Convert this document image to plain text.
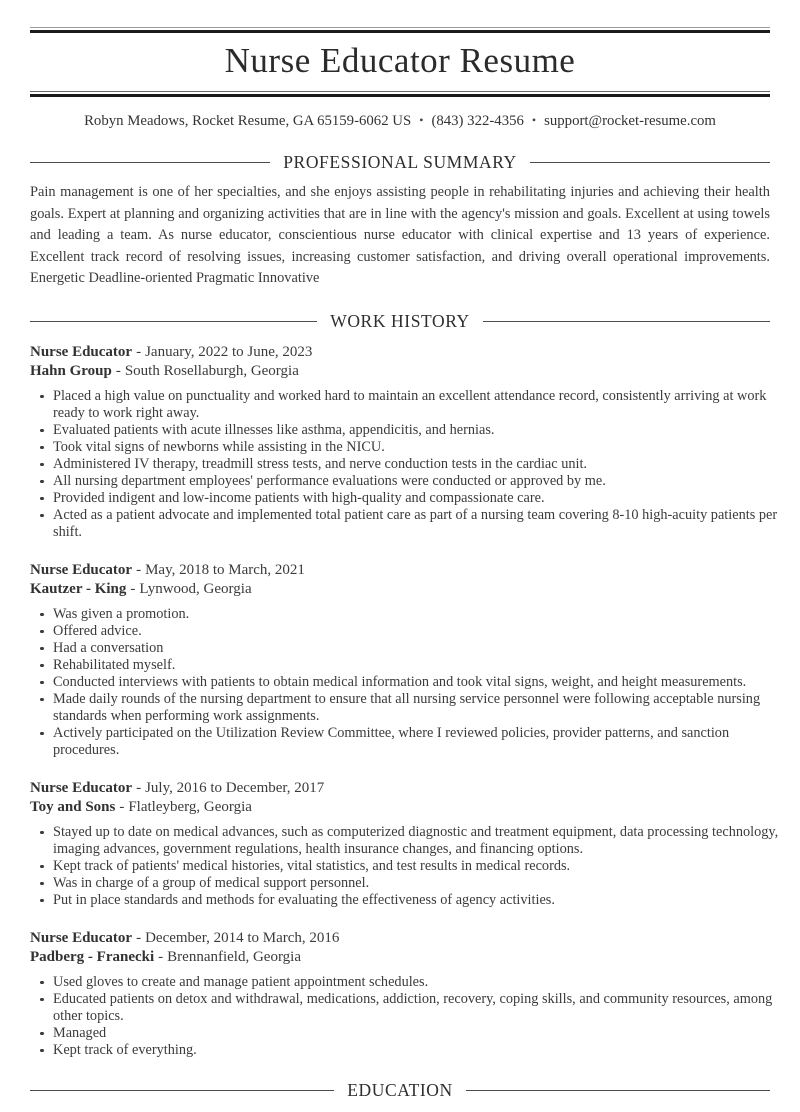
Nurse Educator Resume
Robyn Meadows, Rocket Resume, GA 65159-6062 US • (843) 322-4356 • support@rocket-resume.com
PROFESSIONAL SUMMARY

Pain management is one of her specialties, and she enjoys assisting people in rehabilitating injuries and achieving their health goals. Expert at planning and organizing activities that are in line with the agency's mission and goals. Excellent at using towels and leading a team. As nurse educator, conscientious nurse educator with clinical expertise and 13 years of experience. Excellent track record of resolving issues, increasing customer satisfaction, and driving overall operational improvements. Energetic Deadline-oriented Pragmatic Innovative

WORK HISTORY

Nurse Educator - January, 2022 to June, 2023

Hahn Group - South Rosellaburgh, Georgia

Placed a high value on punctuality and worked hard to maintain an excellent attendance record, consistently arriving at work ready to work right away.
Evaluated patients with acute illnesses like asthma, appendicitis, and hernias.
Took vital signs of newborns while assisting in the NICU.
Administered IV therapy, treadmill stress tests, and nerve conduction tests in the cardiac unit.
All nursing department employees' performance evaluations were conducted or approved by me.
Provided indigent and low-income patients with high-quality and compassionate care.
Acted as a patient advocate and implemented total patient care as part of a nursing team covering 8-10 high-acuity patients per shift.

Nurse Educator - May, 2018 to March, 2021

Kautzer - King - Lynwood, Georgia

Was given a promotion.
Offered advice.
Had a conversation
Rehabilitated myself.
Conducted interviews with patients to obtain medical information and took vital signs, weight, and height measurements.
Made daily rounds of the nursing department to ensure that all nursing service personnel were following acceptable nursing standards when performing work assignments.
Actively participated on the Utilization Review Committee, where I reviewed policies, provider patterns, and sanction procedures.

Nurse Educator - July, 2016 to December, 2017

Toy and Sons - Flatleyberg, Georgia

Stayed up to date on medical advances, such as computerized diagnostic and treatment equipment, data processing technology, imaging advances, government regulations, health insurance changes, and financing options.
Kept track of patients' medical histories, vital statistics, and test results in medical records.
Was in charge of a group of medical support personnel.
Put in place standards and methods for evaluating the effectiveness of agency activities.

Nurse Educator - December, 2014 to March, 2016

Padberg - Franecki - Brennanfield, Georgia

Used gloves to create and manage patient appointment schedules.
Educated patients on detox and withdrawal, medications, addiction, recovery, coping skills, and community resources, among other topics.
Managed
Kept track of everything.
EDUCATION
